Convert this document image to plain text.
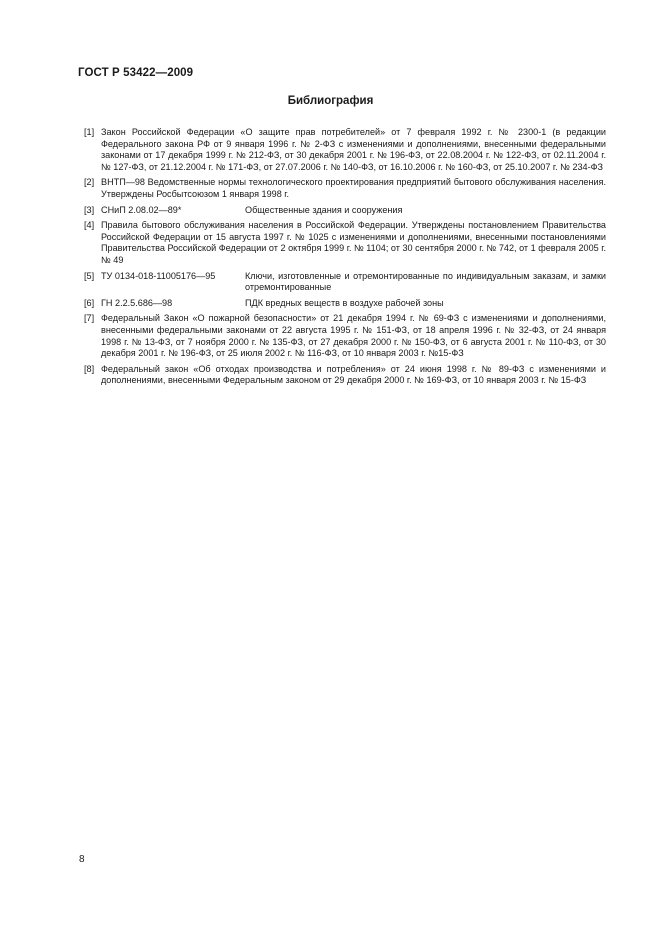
ГОСТ Р 53422—2009
Библиография
[1] Закон Российской Федерации «О защите прав потребителей» от 7 февраля 1992 г. № 2300-1 (в редакции Федерального закона РФ от 9 января 1996 г. № 2-ФЗ с изменениями и дополнениями, внесенными федеральными законами от 17 декабря 1999 г. № 212-ФЗ, от 30 декабря 2001 г. № 196-ФЗ, от 22.08.2004 г. № 122-ФЗ, от 02.11.2004 г. № 127-ФЗ, от 21.12.2004 г. № 171-ФЗ, от 27.07.2006 г. № 140-ФЗ, от 16.10.2006 г. № 160-ФЗ, от 25.10.2007 г. № 234-ФЗ
[2] ВНТП—98 Ведомственные нормы технологического проектирования предприятий бытового обслуживания населения. Утверждены Росбытсоюзом 1 января 1998 г.
[3] СНиП 2.08.02—89*	Общественные здания и сооружения
[4] Правила бытового обслуживания населения в Российской Федерации. Утверждены постановлением Правительства Российской Федерации от 15 августа 1997 г. № 1025 с изменениями и дополнениями, внесенными постановлениями Правительства Российской Федерации от 2 октября 1999 г. № 1104; от 30 сентября 2000 г. № 742, от 1 февраля 2005 г. № 49
[5] ТУ 0134-018-11005176—95	Ключи, изготовленные и отремонтированные по индивидуальным заказам, и замки отремонтированные
[6] ГН 2.2.5.686—98	ПДК вредных веществ в воздухе рабочей зоны
[7] Федеральный Закон «О пожарной безопасности» от 21 декабря 1994 г. № 69-ФЗ с изменениями и дополнениями, внесенными федеральными законами от 22 августа 1995 г. № 151-ФЗ, от 18 апреля 1996 г. № 32-ФЗ, от 24 января 1998 г. № 13-ФЗ, от 7 ноября 2000 г. № 135-ФЗ, от 27 декабря 2000 г. № 150-ФЗ, от 6 августа 2001 г. № 110-ФЗ, от 30 декабря 2001 г. № 196-ФЗ, от 25 июля 2002 г. № 116-ФЗ, от 10 января 2003 г. №15-ФЗ
[8] Федеральный закон «Об отходах производства и потребления» от 24 июня 1998 г. № 89-ФЗ с изменениями и дополнениями, внесенными Федеральным законом от 29 декабря 2000 г. № 169-ФЗ, от 10 января 2003 г. № 15-ФЗ
8
